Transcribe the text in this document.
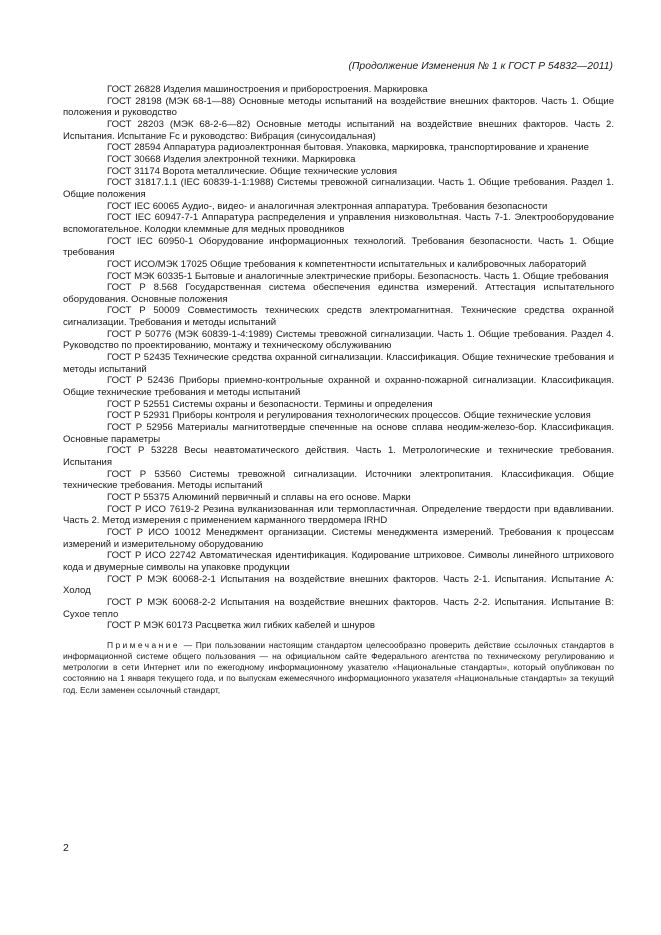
(Продолжение Изменения № 1 к ГОСТ Р 54832—2011)

ГОСТ 26828 Изделия машиностроения и приборостроения. Маркировка

ГОСТ 28198 (МЭК 68-1—88) Основные методы испытаний на воздействие внешних факторов. Часть 1. Общие положения и руководство

ГОСТ 28203 (МЭК 68-2-6—82) Основные методы испытаний на воздействие внешних факторов. Часть 2. Испытания. Испытание Fc и руководство: Вибрация (синусоидальная)

ГОСТ 28594 Аппаратура радиоэлектронная бытовая. Упаковка, маркировка, транспортирование и хранение

ГОСТ 30668 Изделия электронной техники. Маркировка

ГОСТ 31174 Ворота металлические. Общие технические условия

ГОСТ 31817.1.1 (IEC 60839-1-1:1988) Системы тревожной сигнализации. Часть 1. Общие требования. Раздел 1. Общие положения

ГОСТ IEC 60065 Аудио-, видео- и аналогичная электронная аппаратура. Требования безопасности

ГОСТ IEC 60947-7-1 Аппаратура распределения и управления низковольтная. Часть 7-1. Электрооборудование вспомогательное. Колодки клеммные для медных проводников

ГОСТ IEC 60950-1 Оборудование информационных технологий. Требования безопасности. Часть 1. Общие требования

ГОСТ ИСО/МЭК 17025 Общие требования к компетентности испытательных и калибровочных лабораторий

ГОСТ МЭК 60335-1 Бытовые и аналогичные электрические приборы. Безопасность. Часть 1. Общие требования

ГОСТ Р 8.568 Государственная система обеспечения единства измерений. Аттестация испытательного оборудования. Основные положения

ГОСТ Р 50009 Совместимость технических средств электромагнитная. Технические средства охранной сигнализации. Требования и методы испытаний

ГОСТ Р 50776 (МЭК 60839-1-4:1989) Системы тревожной сигнализации. Часть 1. Общие требования. Раздел 4. Руководство по проектированию, монтажу и техническому обслуживанию

ГОСТ Р 52435 Технические средства охранной сигнализации. Классификация. Общие технические требования и методы испытаний

ГОСТ Р 52436 Приборы приемно-контрольные охранной и охранно-пожарной сигнализации. Классификация. Общие технические требования и методы испытаний

ГОСТ Р 52551 Системы охраны и безопасности. Термины и определения

ГОСТ Р 52931 Приборы контроля и регулирования технологических процессов. Общие технические условия

ГОСТ Р 52956 Материалы магнитотвердые спеченные на основе сплава неодим-железо-бор. Классификация. Основные параметры

ГОСТ Р 53228 Весы неавтоматического действия. Часть 1. Метрологические и технические требования. Испытания

ГОСТ Р 53560 Системы тревожной сигнализации. Источники электропитания. Классификация. Общие технические требования. Методы испытаний

ГОСТ Р 55375 Алюминий первичный и сплавы на его основе. Марки

ГОСТ Р ИСО 7619-2 Резина вулканизованная или термопластичная. Определение твердости при вдавливании. Часть 2. Метод измерения с применением карманного твердомера IRHD

ГОСТ Р ИСО 10012 Менеджмент организации. Системы менеджмента измерений. Требования к процессам измерений и измерительному оборудованию

ГОСТ Р ИСО 22742 Автоматическая идентификация. Кодирование штриховое. Символы линейного штрихового кода и двумерные символы на упаковке продукции

ГОСТ Р МЭК 60068-2-1 Испытания на воздействие внешних факторов. Часть 2-1. Испытания. Испытание А: Холод

ГОСТ Р МЭК 60068-2-2 Испытания на воздействие внешних факторов. Часть 2-2. Испытания. Испытание В: Сухое тепло

ГОСТ Р МЭК 60173 Расцветка жил гибких кабелей и шнуров

Примечание — При пользовании настоящим стандартом целесообразно проверить действие ссылочных стандартов в информационной системе общего пользования — на официальном сайте Федерального агентства по техническому регулированию и метрологии в сети Интернет или по ежегодному информационному указателю «Национальные стандарты», который опубликован по состоянию на 1 января текущего года, и по выпускам ежемесячного информационного указателя «Национальные стандарты» за текущий год. Если заменен ссылочный стандарт,

2
